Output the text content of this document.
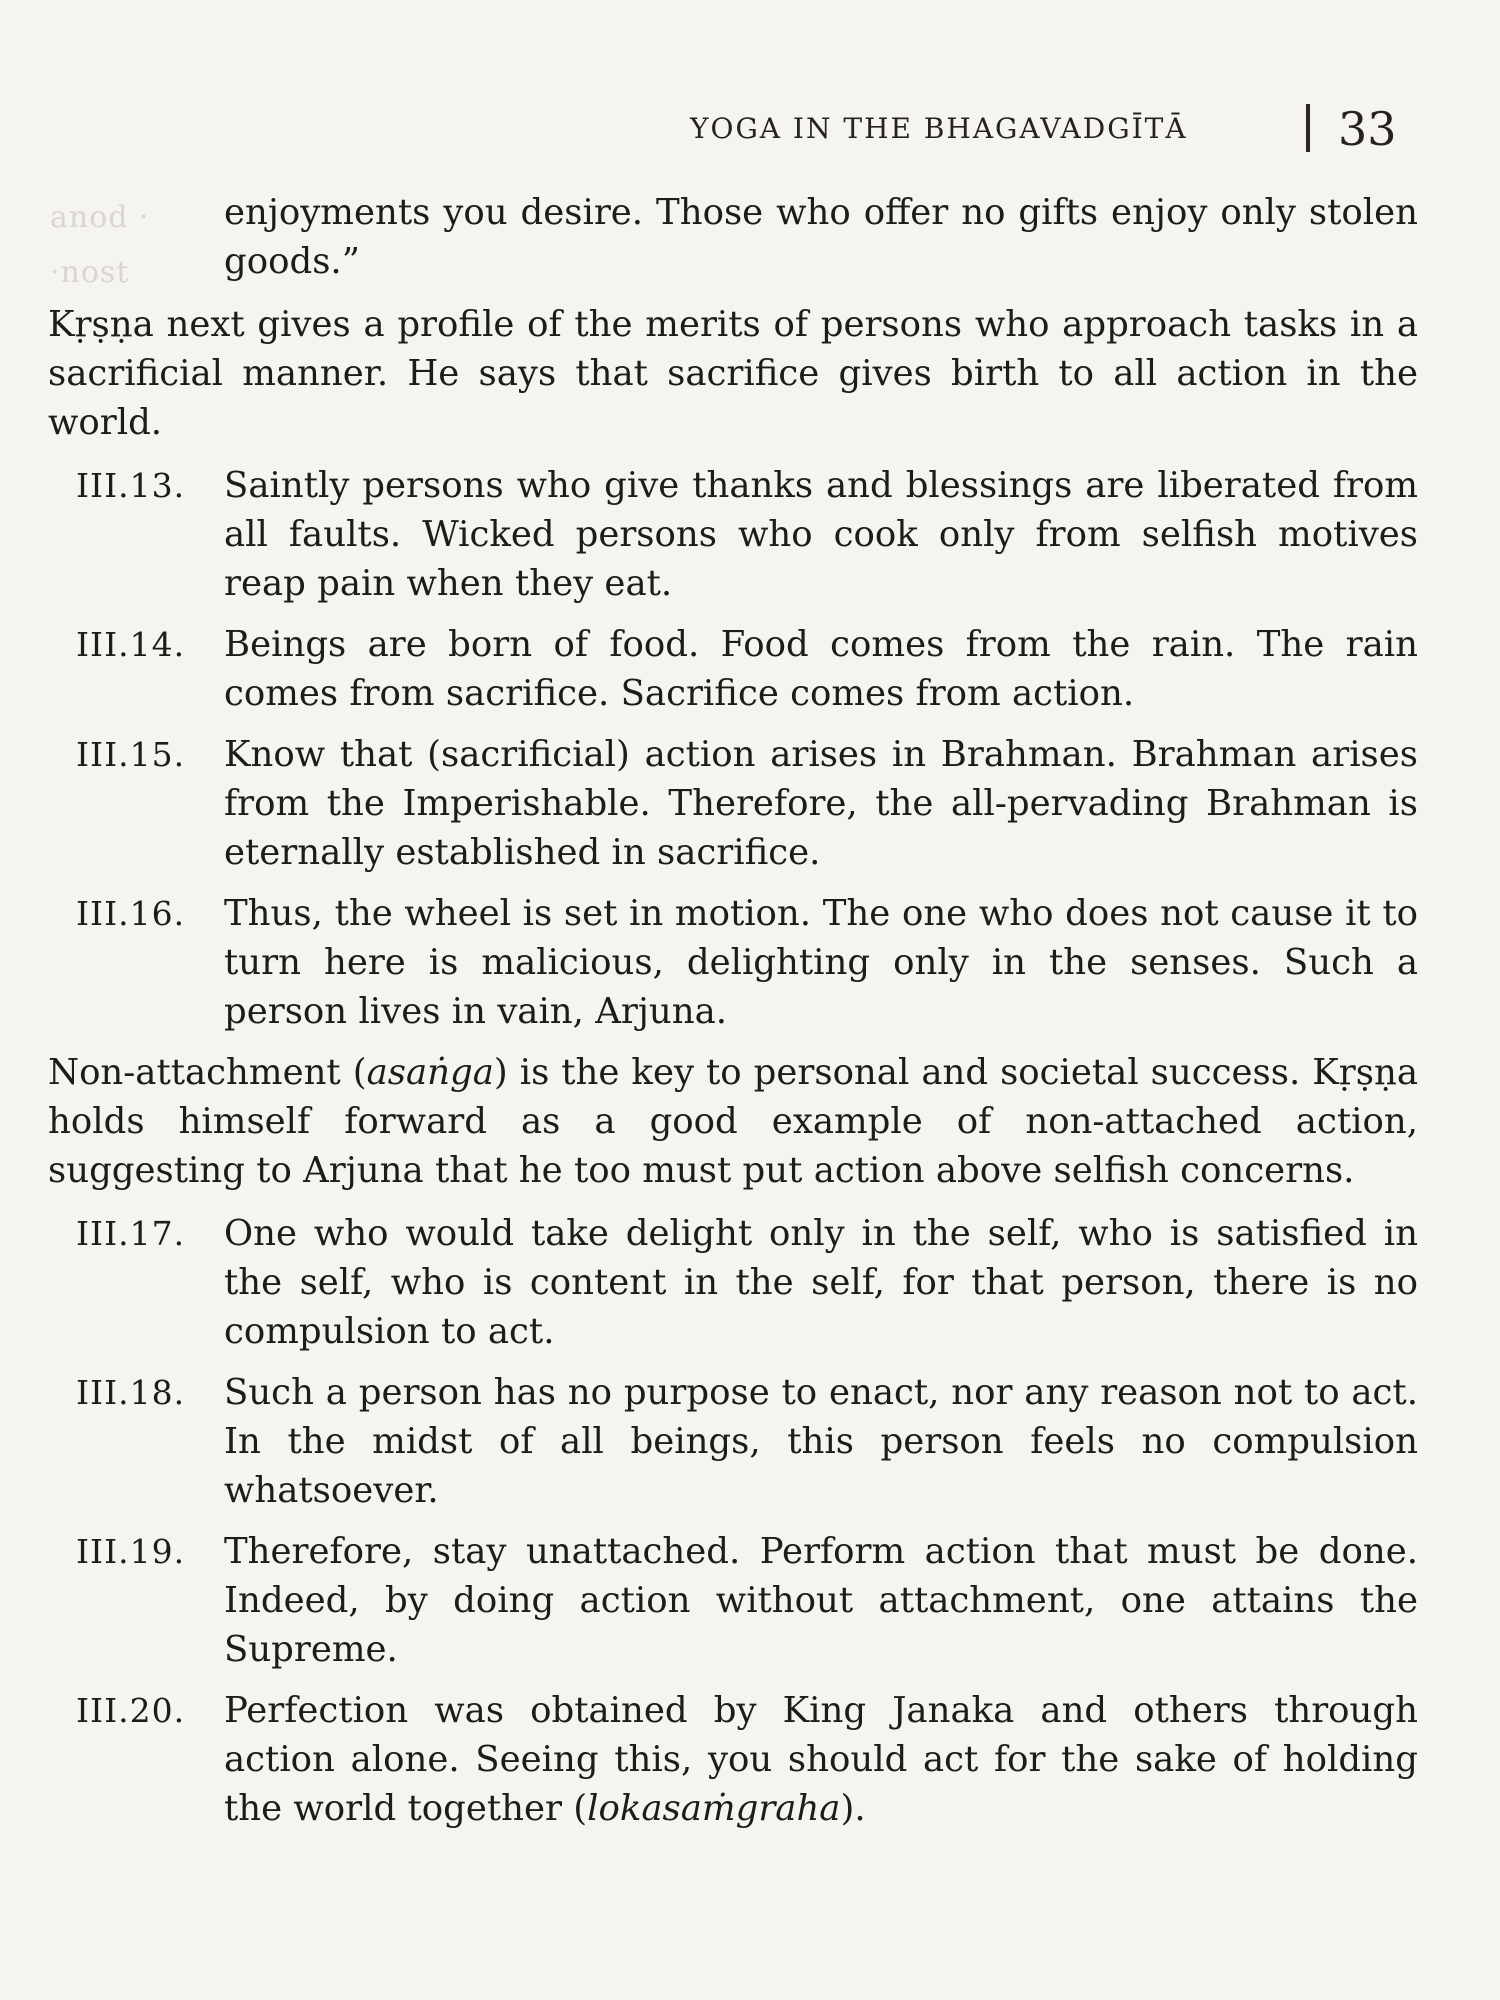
anod ·
·nost
YOGA IN THE BHAGAVADGĪTĀ	33
enjoyments you desire. Those who offer no gifts enjoy only stolen goods.”

Kṛṣṇa next gives a profile of the merits of persons who approach tasks in a sacrificial manner. He says that sacrifice gives birth to all action in the world.

III.13.	Saintly persons who give thanks and blessings are liberated from all faults. Wicked persons who cook only from selfish motives reap pain when they eat.
III.14.	Beings are born of food. Food comes from the rain. The rain comes from sacrifice. Sacrifice comes from action.
III.15.	Know that (sacrificial) action arises in Brahman. Brahman arises from the Imperishable. Therefore, the all-pervading Brahman is eternally established in sacrifice.
III.16.	Thus, the wheel is set in motion. The one who does not cause it to turn here is malicious, delighting only in the senses. Such a person lives in vain, Arjuna.

Non-attachment (asaṅga) is the key to personal and societal success. Kṛṣṇa holds himself forward as a good example of non-attached action, suggesting to Arjuna that he too must put action above selfish concerns.

III.17.	One who would take delight only in the self, who is satisfied in the self, who is content in the self, for that person, there is no compulsion to act.
III.18.	Such a person has no purpose to enact, nor any reason not to act. In the midst of all beings, this person feels no compulsion whatsoever.
III.19.	Therefore, stay unattached. Perform action that must be done. Indeed, by doing action without attachment, one attains the Supreme.
III.20.	Perfection was obtained by King Janaka and others through action alone. Seeing this, you should act for the sake of holding the world together (lokasaṁgraha).
